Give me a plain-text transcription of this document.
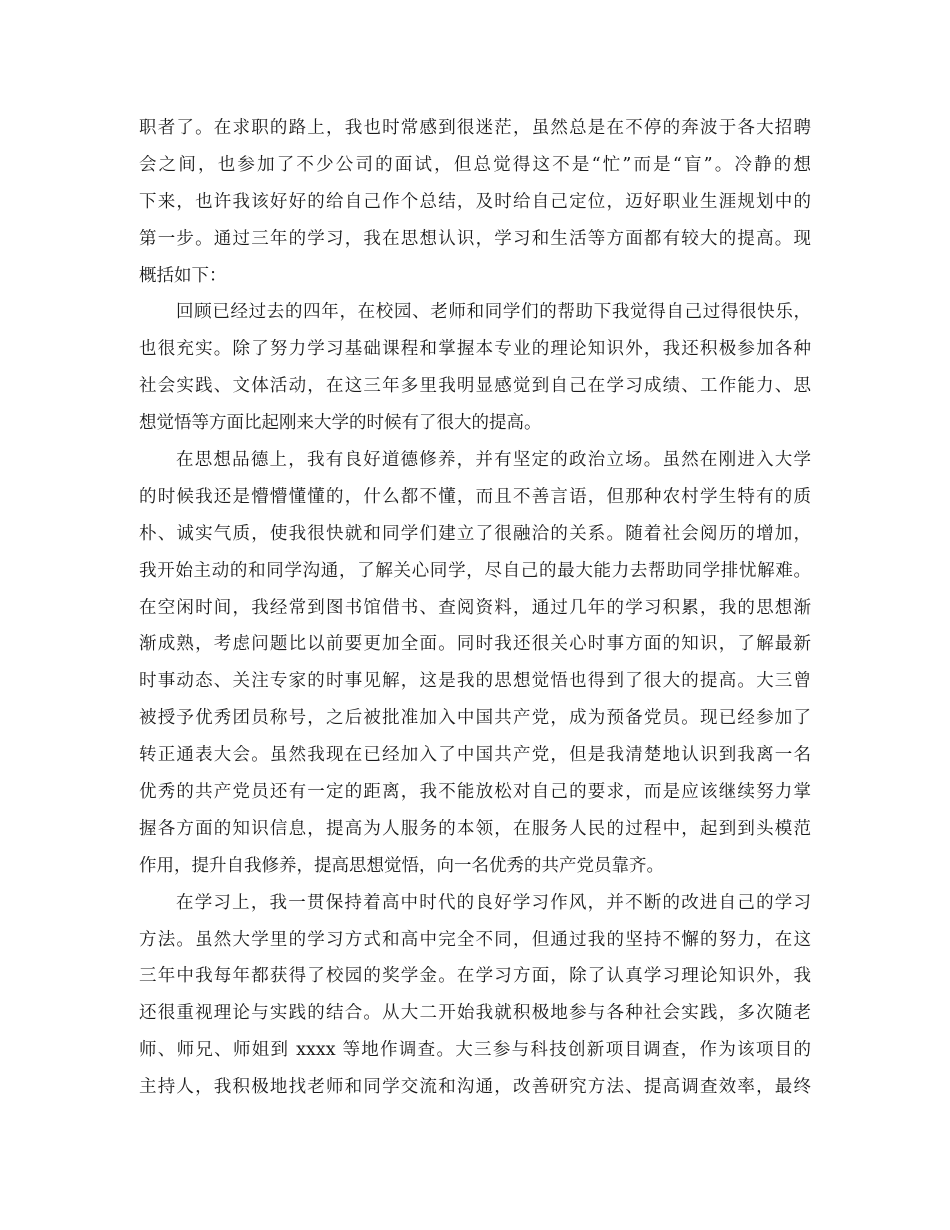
职者了。在求职的路上，我也时常感到很迷茫，虽然总是在不停的奔波于各大招聘
会之间，也参加了不少公司的面试，但总觉得这不是“忙”而是“盲”。冷静的想
下来，也许我该好好的给自己作个总结，及时给自己定位，迈好职业生涯规划中的
第一步。通过三年的学习，我在思想认识，学习和生活等方面都有较大的提高。现
概括如下：
回顾已经过去的四年，在校园、老师和同学们的帮助下我觉得自己过得很快乐，
也很充实。除了努力学习基础课程和掌握本专业的理论知识外，我还积极参加各种
社会实践、文体活动，在这三年多里我明显感觉到自己在学习成绩、工作能力、思
想觉悟等方面比起刚来大学的时候有了很大的提高。
在思想品德上，我有良好道德修养，并有坚定的政治立场。虽然在刚进入大学
的时候我还是懵懵懂懂的，什么都不懂，而且不善言语，但那种农村学生特有的质
朴、诚实气质，使我很快就和同学们建立了很融洽的关系。随着社会阅历的增加，
我开始主动的和同学沟通，了解关心同学，尽自己的最大能力去帮助同学排忧解难。
在空闲时间，我经常到图书馆借书、查阅资料，通过几年的学习积累，我的思想渐
渐成熟，考虑问题比以前要更加全面。同时我还很关心时事方面的知识，了解最新
时事动态、关注专家的时事见解，这是我的思想觉悟也得到了很大的提高。大三曾
被授予优秀团员称号，之后被批准加入中国共产党，成为预备党员。现已经参加了
转正通表大会。虽然我现在已经加入了中国共产党，但是我清楚地认识到我离一名
优秀的共产党员还有一定的距离，我不能放松对自己的要求，而是应该继续努力掌
握各方面的知识信息，提高为人服务的本领，在服务人民的过程中，起到到头模范
作用，提升自我修养，提高思想觉悟，向一名优秀的共产党员靠齐。
在学习上，我一贯保持着高中时代的良好学习作风，并不断的改进自己的学习
方法。虽然大学里的学习方式和高中完全不同，但通过我的坚持不懈的努力，在这
三年中我每年都获得了校园的奖学金。在学习方面，除了认真学习理论知识外，我
还很重视理论与实践的结合。从大二开始我就积极地参与各种社会实践，多次随老
师、师兄、师姐到 xxxx 等地作调查。大三参与科技创新项目调查，作为该项目的
主持人，我积极地找老师和同学交流和沟通，改善研究方法、提高调查效率，最终
